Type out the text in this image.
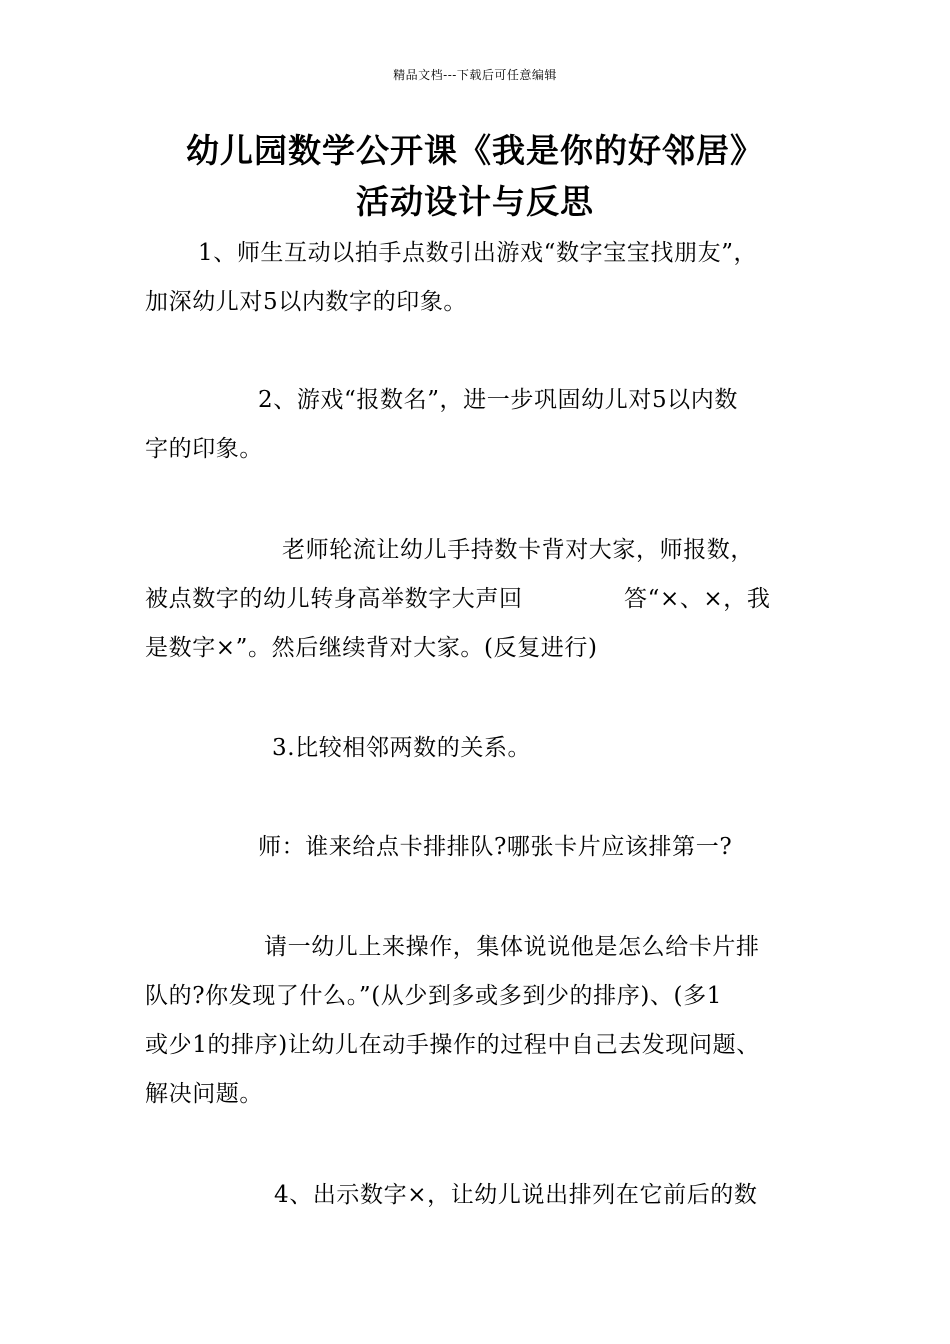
精品文档---下载后可任意编辑
幼儿园数学公开课《我是你的好邻居》
活动设计与反思
1、师生互动以拍手点数引出游戏“数字宝宝找朋友”，
加深幼儿对5以内数字的印象。
2、游戏“报数名”，进一步巩固幼儿对5以内数
字的印象。
老师轮流让幼儿手持数卡背对大家，师报数，
被点数字的幼儿转身高举数字大声回	答“×、×，我
是数字×”。然后继续背对大家。(反复进行)
3.比较相邻两数的关系。
师：谁来给点卡排排队?哪张卡片应该排第一?
请一幼儿上来操作，集体说说他是怎么给卡片排
队的?你发现了什么。”(从少到多或多到少的排序)、(多1
或少1的排序)让幼儿在动手操作的过程中自己去发现问题、
解决问题。
4、出示数字×，让幼儿说出排列在它前后的数
